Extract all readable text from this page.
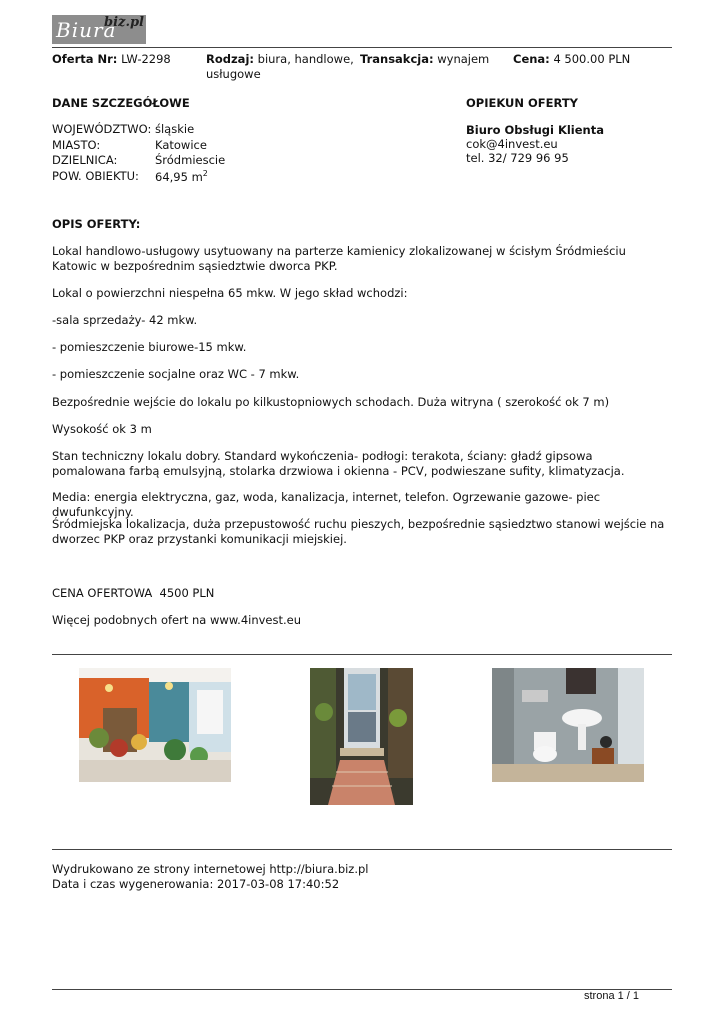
Biura
biz.pl
Oferta Nr: LW-2298	Rodzaj: biura, handlowe,
usługowe
Transakcja: wynajem	Cena: 4 500.00 PLN
DANE SZCZEGÓŁOWE
WOJEWÓDZTWO:	śląskie
MIASTO:	Katowice
DZIELNICA:	Śródmiescie
POW. OBIEKTU:	64,95 $m^2$
OPIEKUN OFERTY
Biuro Obsługi Klienta
cok@4invest.eu
tel. 32/ 729 96 95
OPIS OFERTY:
Lokal handlowo-usługowy usytuowany na parterze kamienicy zlokalizowanej w ścisłym Śródmieściu Katowic w bezpośrednim sąsiedztwie dworca PKP.
Lokal o powierzchni niespełna 65 mkw. W jego skład wchodzi:
-sala sprzedaży- 42 mkw.
- pomieszczenie biurowe-15 mkw.
- pomieszczenie socjalne oraz WC - 7 mkw.
Bezpośrednie wejście do lokalu po kilkustopniowych schodach. Duża witryna ( szerokość ok 7 m)
Wysokość ok 3 m
Stan techniczny lokalu dobry. Standard wykończenia- podłogi: terakota, ściany: gładź gipsowa pomalowana farbą emulsyjną, stolarka drzwiowa i okienna - PCV, podwieszane sufity, klimatyzacja.
Media: energia elektryczna, gaz, woda, kanalizacja, internet, telefon. Ogrzewanie gazowe- piec dwufunkcyjny.
Śródmiejska lokalizacja, duża przepustowość ruchu pieszych, bezpośrednie sąsiedztwo stanowi wejście na dworzec PKP oraz przystanki komunikacji miejskiej.
CENA OFERTOWA  4500 PLN
Więcej podobnych ofert na www.4invest.eu
Wydrukowano ze strony internetowej http://biura.biz.pl
Data i czas wygenerowania: 2017-03-08 17:40:52
strona 1 / 1
